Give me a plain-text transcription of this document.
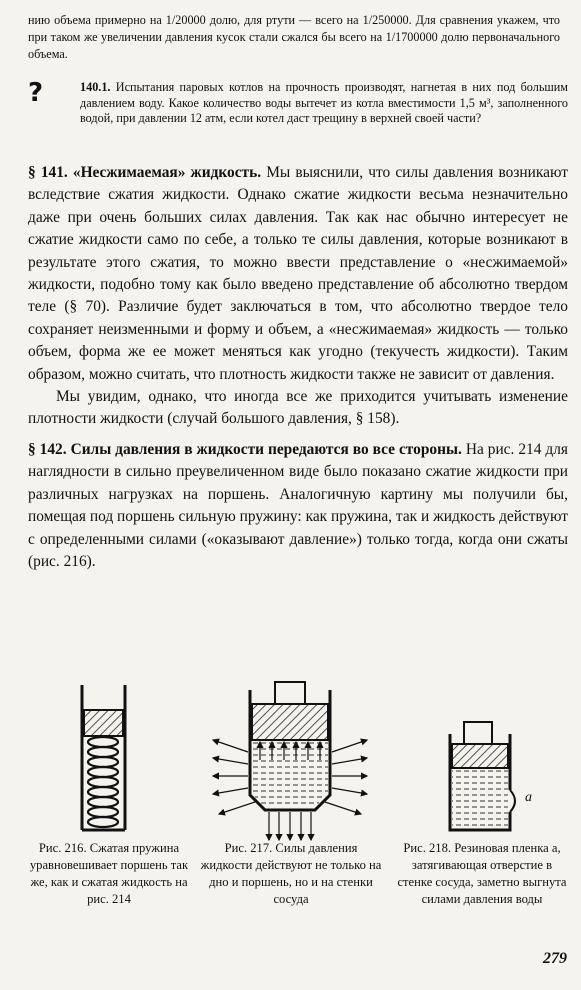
нию объема примерно на 1/20000 долю, для ртути — всего на 1/250000. Для сравнения укажем, что при таком же увеличении давления кусок стали сжался бы всего на 1/1700000 долю первоначального объема.
?	140.1. Испытания паровых котлов на прочность производят, нагнетая в них под большим давлением воду. Какое количество воды вытечет из котла вместимости 1,5 м³, заполненного водой, при давлении 12 атм, если котел даст трещину в верхней своей части?

§ 141. «Несжимаемая» жидкость. Мы выяснили, что силы давления возникают вследствие сжатия жидкости. Однако сжатие жидкости весьма незначительно даже при очень больших силах давления. Так как нас обычно интересует не сжатие жидкости само по себе, а только те силы давления, которые возникают в результате этого сжатия, то можно ввести представление о «несжимаемой» жидкости, подобно тому как было введено представление об абсолютно твердом теле (§ 70). Различие будет заключаться в том, что абсолютно твердое тело сохраняет неизменными и форму и объем, а «несжимаемая» жидкость — только объем, форма же ее может меняться как угодно (текучесть жидкости). Таким образом, можно считать, что плотность жидкости также не зависит от давления.

Мы увидим, однако, что иногда все же приходится учитывать изменение плотности жидкости (случай большого давления, § 158).

§ 142. Силы давления в жидкости передаются во все стороны. На рис. 214 для наглядности в сильно преувеличенном виде было показано сжатие жидкости при различных нагрузках на поршень. Аналогичную картину мы получили бы, помещая под поршень сильную пружину: как пружина, так и жидкость действуют с определенными силами («оказывают давление») только тогда, когда они сжаты (рис. 216).

Рис. 216. Сжатая пружина уравновешивает поршень так же, как и сжатая жидкость на рис. 214
Рис. 217. Силы давления жидкости действуют не только на дно и поршень, но и на стенки сосуда
a
Рис. 218. Резиновая пленка a, затягивающая отверстие в стенке сосуда, заметно выгнута силами давления воды
279
